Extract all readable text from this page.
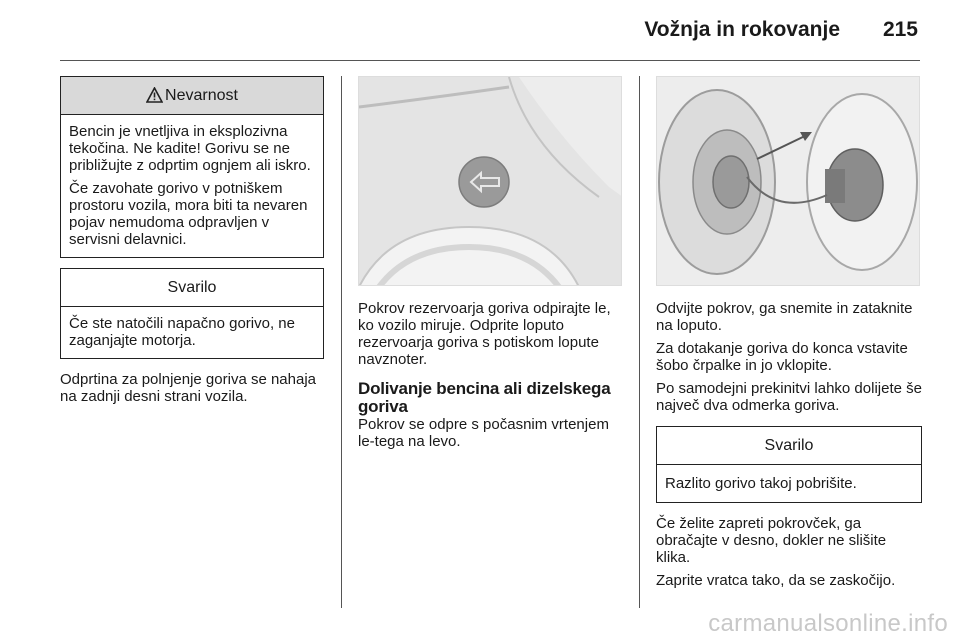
Vožnja in rokovanje 215
Nevarnost

Bencin je vnetljiva in eksplozivna tekočina. Ne kadite! Gorivu se ne približujte z odprtim ognjem ali iskro.

Če zavohate gorivo v potniškem prostoru vozila, mora biti ta nevaren pojav nemudoma odpravljen v servisni delavnici.

Svarilo
Če ste natočili napačno gorivo, ne zaganjajte motorja.

Odprtina za polnjenje goriva se nahaja na zadnji desni strani vozila.

Pokrov rezervoarja goriva odpirajte le, ko vozilo miruje. Odprite loputo rezervoarja goriva s potiskom lopute navznoter.

Dolivanje bencina ali dizelskega goriva

Pokrov se odpre s počasnim vrtenjem le-tega na levo.

Odvijte pokrov, ga snemite in zataknite na loputo.

Za dotakanje goriva do konca vstavite šobo črpalke in jo vklopite.

Po samodejni prekinitvi lahko dolijete še največ dva odmerka goriva.

Svarilo
Razlito gorivo takoj pobrišite.

Če želite zapreti pokrovček, ga obračajte v desno, dokler ne slišite klika.

Zaprite vratca tako, da se zaskočijo.

carmanualsonline.info
